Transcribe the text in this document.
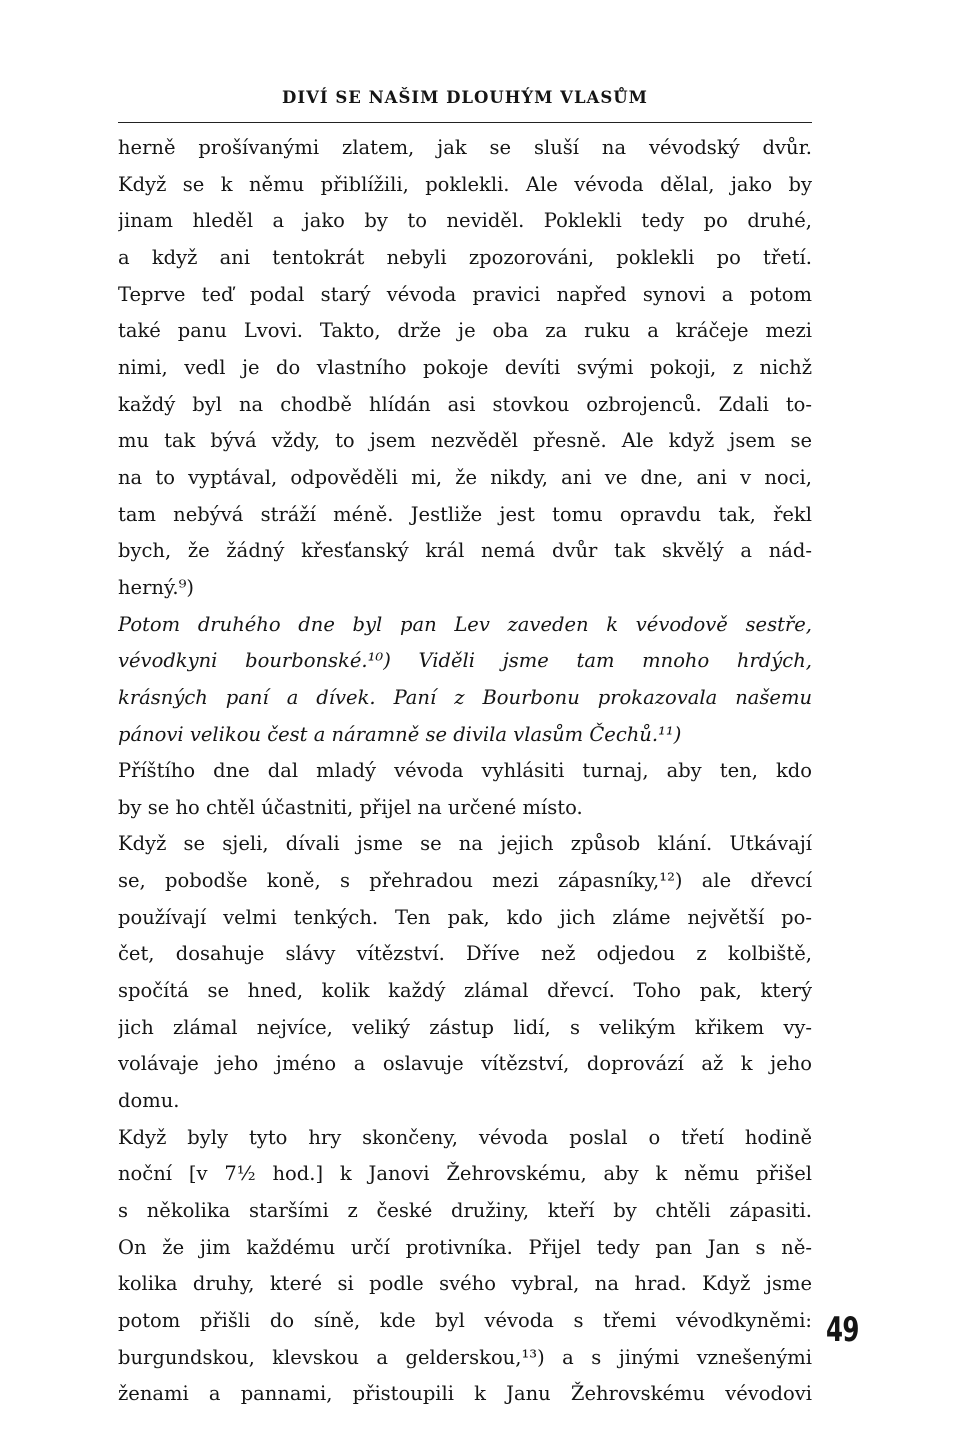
DIVÍ SE NAŠIM DLOUHÝM VLASŮM
herně prošívanými zlatem, jak se sluší na vévodský dvůr.
Když se k němu přiblížili, poklekli. Ale vévoda dělal, jako by
jinam hleděl a jako by to neviděl. Poklekli tedy po druhé,
a když ani tentokrát nebyli zpozorováni, poklekli po třetí.
Teprve teď podal starý vévoda pravici napřed synovi a potom
také panu Lvovi. Takto, drže je oba za ruku a kráčeje mezi
nimi, vedl je do vlastního pokoje devíti svými pokoji, z nichž
každý byl na chodbě hlídán asi stovkou ozbrojenců. Zdali to-
mu tak bývá vždy, to jsem nezvěděl přesně. Ale když jsem se
na to vyptával, odpověděli mi, že nikdy, ani ve dne, ani v noci,
tam nebývá stráží méně. Jestliže jest tomu opravdu tak, řekl
bych, že žádný křesťanský král nemá dvůr tak skvělý a nád-
herný.⁹)
Potom druhého dne byl pan Lev zaveden k vévodově sestře,
vévodkyni bourbonské.¹⁰) Viděli jsme tam mnoho hrdých,
krásných paní a dívek. Paní z Bourbonu prokazovala našemu
pánovi velikou čest a náramně se divila vlasům Čechů.¹¹)
Příštího dne dal mladý vévoda vyhlásiti turnaj, aby ten, kdo
by se ho chtěl účastniti, přijel na určené místo.
Když se sjeli, dívali jsme se na jejich způsob klání. Utkávají
se, pobodše koně, s přehradou mezi zápasníky,¹²) ale dřevcí
používají velmi tenkých. Ten pak, kdo jich zláme největší po-
čet, dosahuje slávy vítězství. Dříve než odjedou z kolbiště,
spočítá se hned, kolik každý zlámal dřevcí. Toho pak, který
jich zlámal nejvíce, veliký zástup lidí, s velikým křikem vy-
volávaje jeho jméno a oslavuje vítězství, doprovází až k jeho
domu.
Když byly tyto hry skončeny, vévoda poslal o třetí hodině
noční [v 7½ hod.] k Janovi Žehrovskému, aby k němu přišel
s několika staršími z české družiny, kteří by chtěli zápasiti.
On že jim každému určí protivníka. Přijel tedy pan Jan s ně-
kolika druhy, které si podle svého vybral, na hrad. Když jsme
potom přišli do síně, kde byl vévoda s třemi vévodkyněmi:
burgundskou, klevskou a gelderskou,¹³) a s jinými vznešenými
ženami a pannami, přistoupili k Janu Žehrovskému vévodovi
49
